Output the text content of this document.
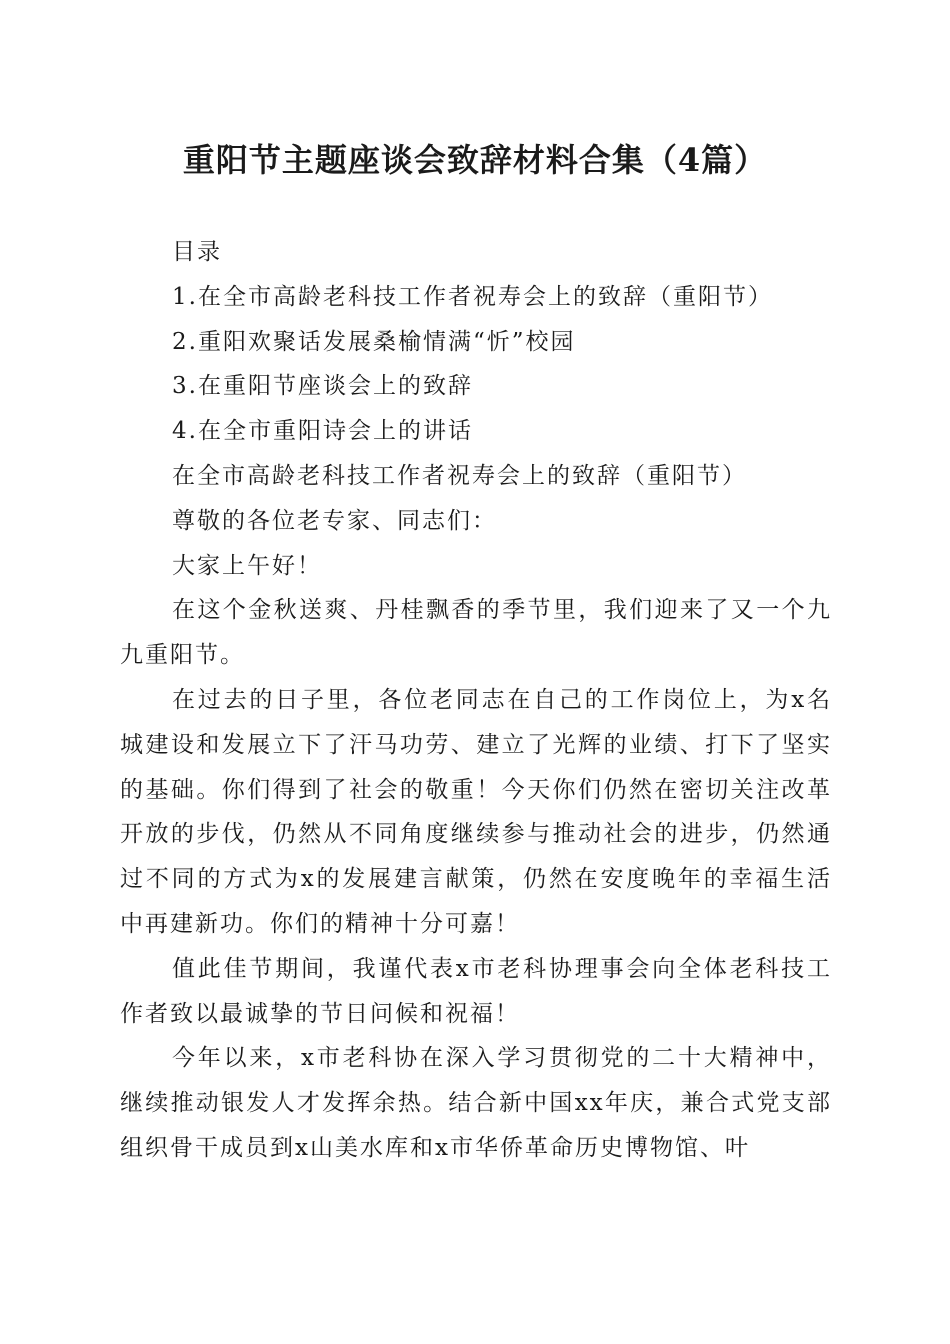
重阳节主题座谈会致辞材料合集（4篇）

目录

1.在全市高龄老科技工作者祝寿会上的致辞（重阳节）

2.重阳欢聚话发展桑榆情满“忻”校园

3.在重阳节座谈会上的致辞

4.在全市重阳诗会上的讲话

在全市高龄老科技工作者祝寿会上的致辞（重阳节）

尊敬的各位老专家、同志们：

大家上午好！

在这个金秋送爽、丹桂飘香的季节里，我们迎来了又一个九九重阳节。

在过去的日子里，各位老同志在自己的工作岗位上，为x名城建设和发展立下了汗马功劳、建立了光辉的业绩、打下了坚实的基础。你们得到了社会的敬重！今天你们仍然在密切关注改革开放的步伐，仍然从不同角度继续参与推动社会的进步，仍然通过不同的方式为x的发展建言献策，仍然在安度晚年的幸福生活中再建新功。你们的精神十分可嘉！

值此佳节期间，我谨代表x市老科协理事会向全体老科技工作者致以最诚挚的节日问候和祝福！

今年以来，x市老科协在深入学习贯彻党的二十大精神中，继续推动银发人才发挥余热。结合新中国xx年庆，兼合式党支部组织骨干成员到x山美水库和x市华侨革命历史博物馆、叶
